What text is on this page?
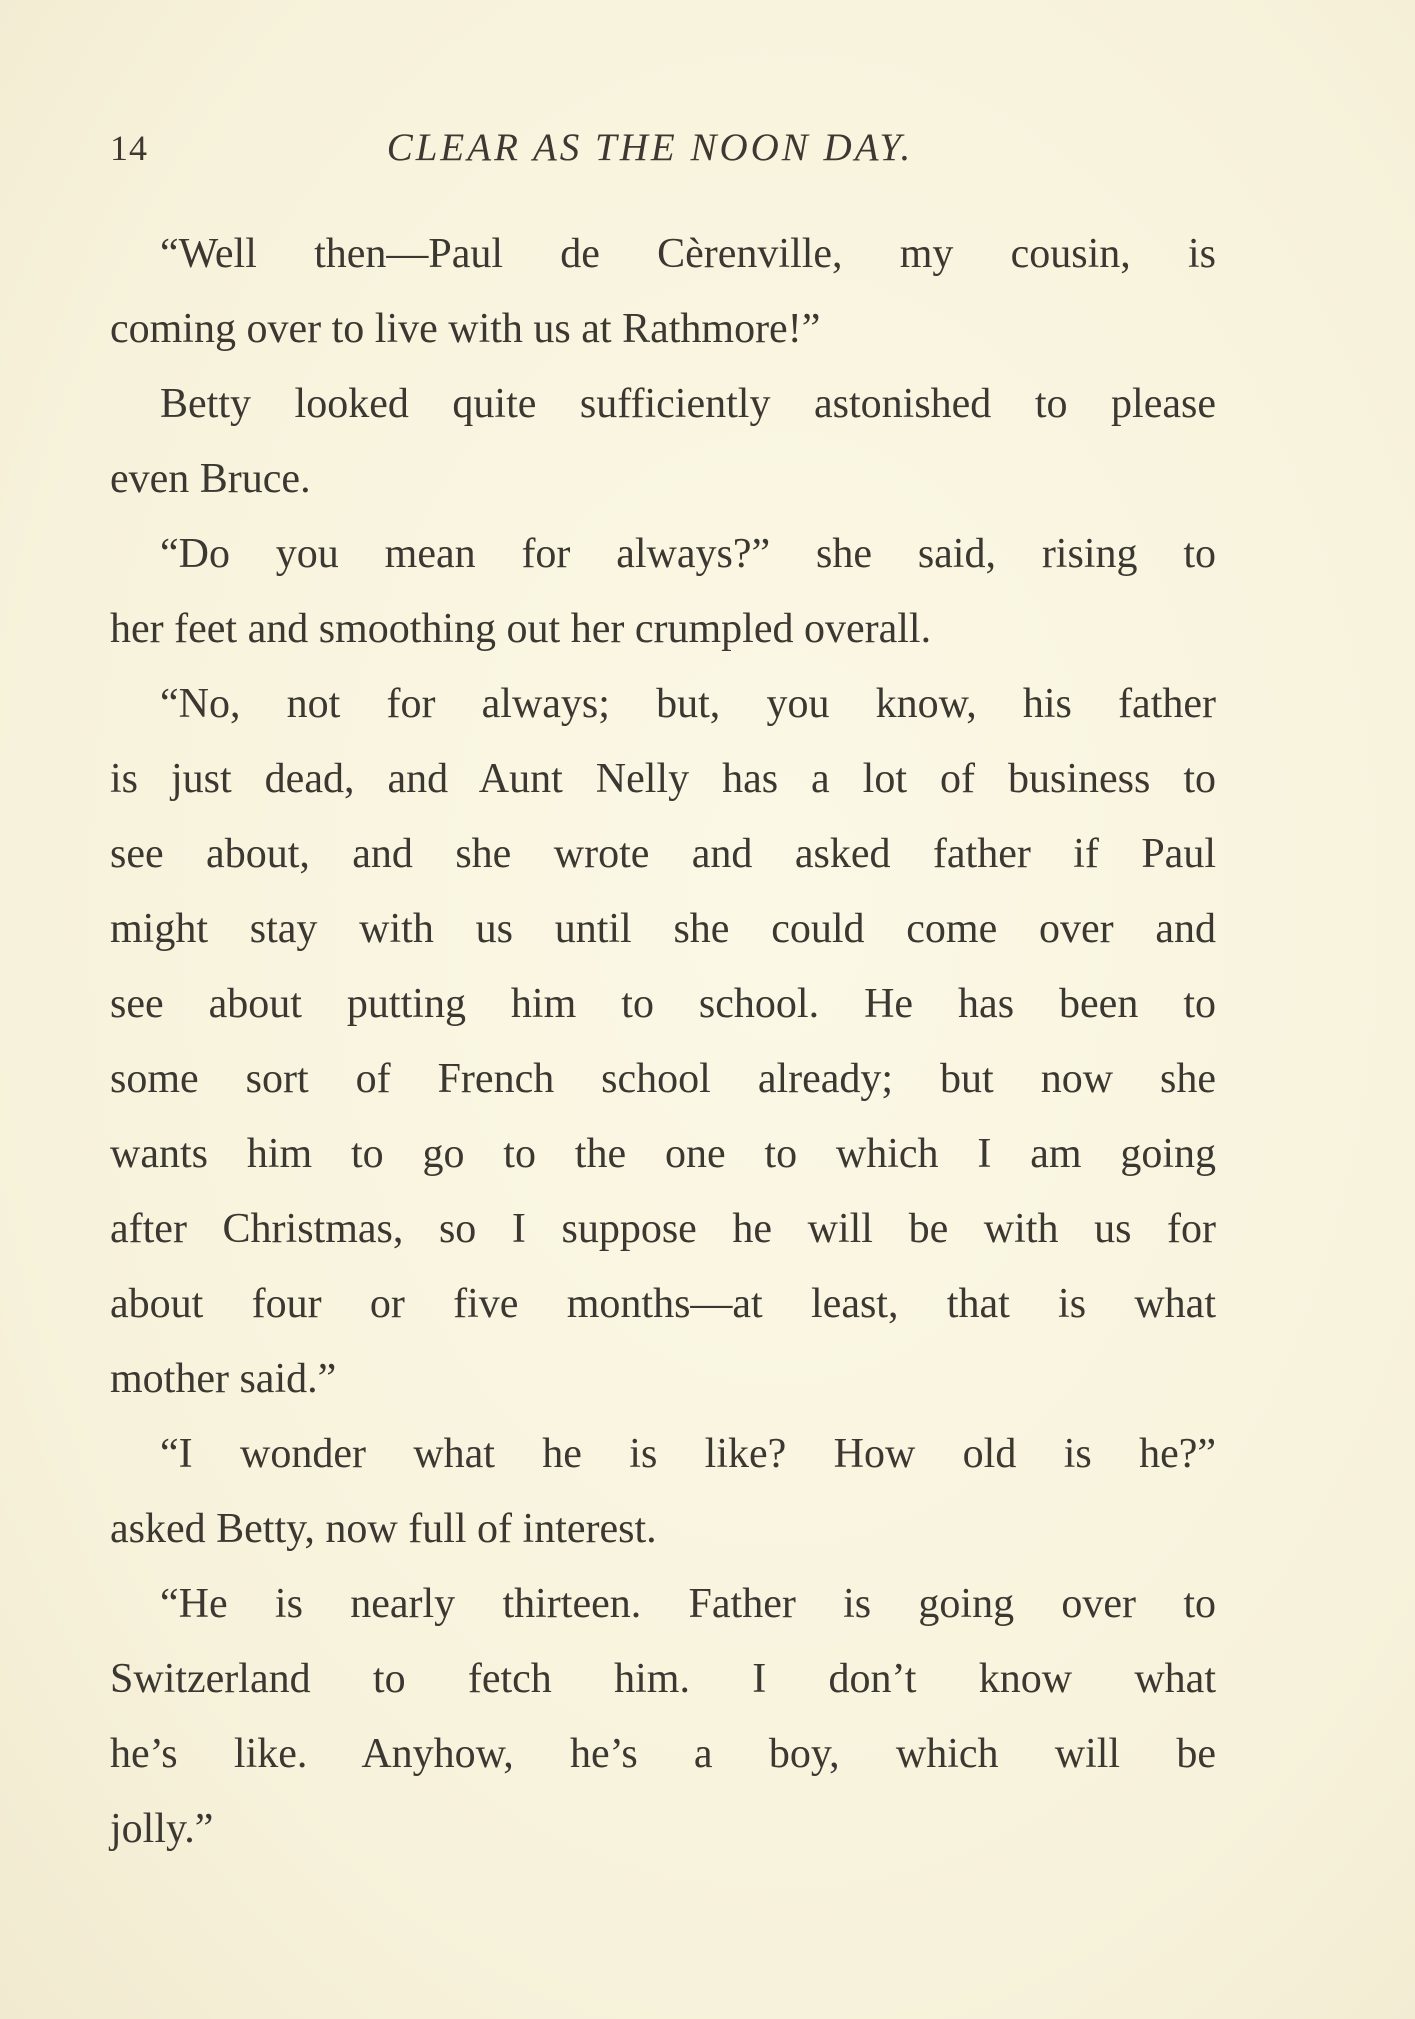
14	CLEAR AS THE NOON DAY.
“Well then—Paul de Cèrenville, my cousin, is
coming over to live with us at Rathmore!”
Betty looked quite sufficiently astonished to please
even Bruce.
“Do you mean for always?” she said, rising to
her feet and smoothing out her crumpled overall.
“No, not for always; but, you know, his father
is just dead, and Aunt Nelly has a lot of business to
see about, and she wrote and asked father if Paul
might stay with us until she could come over and
see about putting him to school. He has been to
some sort of French school already; but now she
wants him to go to the one to which I am going
after Christmas, so I suppose he will be with us for
about four or five months—at least, that is what
mother said.”
“I wonder what he is like? How old is he?”
asked Betty, now full of interest.
“He is nearly thirteen. Father is going over to
Switzerland to fetch him. I don’t know what
he’s like. Anyhow, he’s a boy, which will be
jolly.”
